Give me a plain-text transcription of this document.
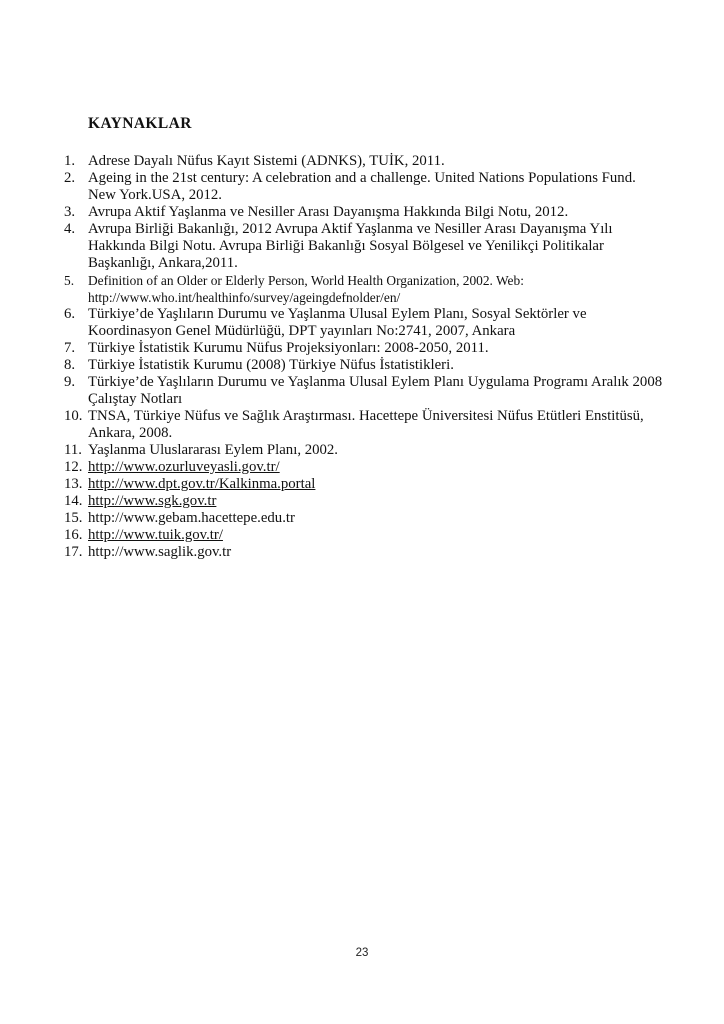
KAYNAKLAR
1. Adrese Dayalı Nüfus Kayıt Sistemi (ADNKS), TUİK, 2011.
2. Ageing in the 21st century: A celebration and a challenge. United Nations Populations Fund. New York.USA, 2012.
3. Avrupa Aktif Yaşlanma ve Nesiller Arası Dayanışma Hakkında Bilgi Notu, 2012.
4. Avrupa Birliği Bakanlığı, 2012 Avrupa Aktif Yaşlanma ve Nesiller Arası Dayanışma Yılı Hakkında Bilgi Notu. Avrupa Birliği Bakanlığı Sosyal Bölgesel ve Yenilikçi Politikalar Başkanlığı, Ankara,2011.
5.	Definition of an Older or Elderly Person, World Health Organization, 2002. Web: http://www.who.int/healthinfo/survey/ageingdefnolder/en/
6. Türkiye’de Yaşlıların Durumu ve Yaşlanma Ulusal Eylem Planı, Sosyal Sektörler ve Koordinasyon Genel Müdürlüğü, DPT yayınları No:2741, 2007, Ankara
7. Türkiye İstatistik Kurumu Nüfus Projeksiyonları: 2008-2050, 2011.
8. Türkiye İstatistik Kurumu (2008) Türkiye Nüfus İstatistikleri.
9. Türkiye’de Yaşlıların Durumu ve Yaşlanma Ulusal Eylem Planı Uygulama Programı Aralık 2008 Çalıştay Notları
10. TNSA, Türkiye Nüfus ve Sağlık Araştırması. Hacettepe Üniversitesi Nüfus Etütleri Enstitüsü, Ankara, 2008.
11. Yaşlanma Uluslararası Eylem Planı, 2002.
12. http://www.ozurluveyasli.gov.tr/
13. http://www.dpt.gov.tr/Kalkinma.portal
14. http://www.sgk.gov.tr
15. http://www.gebam.hacettepe.edu.tr
16. http://www.tuik.gov.tr/
17. http://www.saglik.gov.tr
23
